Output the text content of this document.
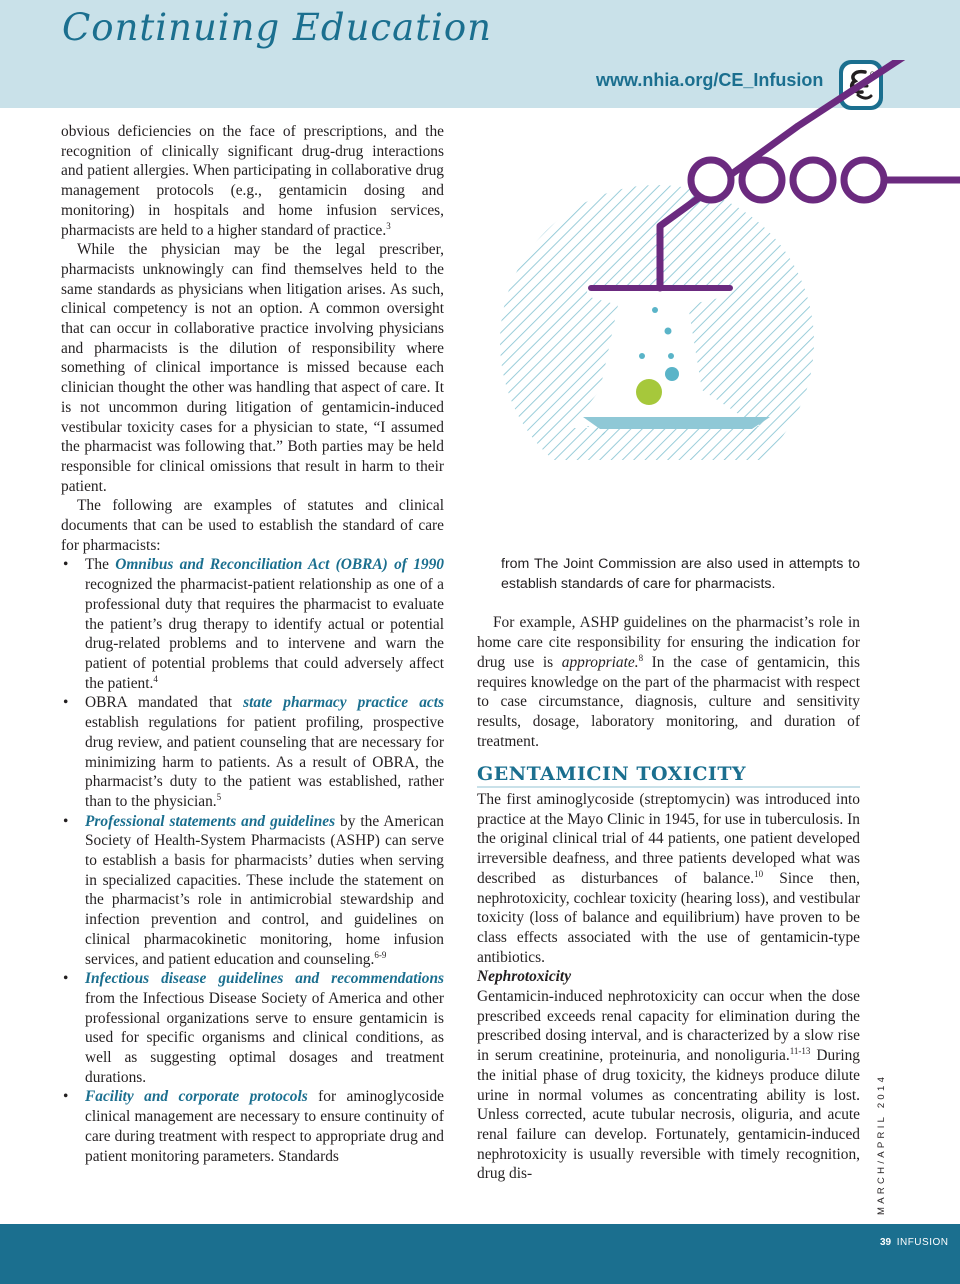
Continuing Education
www.nhia.org/CE_Infusion	CE

obvious deficiencies on the face of prescriptions, and the recognition of clinically significant drug-drug interactions and patient allergies. When participating in collaborative drug management protocols (e.g., gentamicin dosing and monitoring) in hospitals and home infusion services, pharmacists are held to a higher standard of practice.$^3$

While the physician may be the legal prescriber, pharmacists unknowingly can find themselves held to the same standards as physicians when litigation arises. As such, clinical competency is not an option. A common oversight that can occur in collaborative practice involving physicians and pharmacists is the dilution of responsibility where something of clinical importance is missed because each clinician thought the other was handling that aspect of care. It is not uncommon during litigation of gentamicin-induced vestibular toxicity cases for a physician to state, “I assumed the pharmacist was following that.” Both parties may be held responsible for clinical omissions that result in harm to their patient.

The following are examples of statutes and clinical documents that can be used to establish the standard of care for pharmacists:

• The Omnibus and Reconciliation Act (OBRA) of 1990 recognized the pharmacist-patient relationship as one of a professional duty that requires the pharmacist to evaluate the patient’s drug therapy to identify actual or potential drug-related problems and to intervene and warn the patient of potential problems that could adversely affect the patient.$^4$
• OBRA mandated that state pharmacy practice acts establish regulations for patient profiling, prospective drug review, and patient counseling that are necessary for minimizing harm to patients. As a result of OBRA, the pharmacist’s duty to the patient was established, rather than to the physician.$^5$
• Professional statements and guidelines by the American Society of Health-System Pharmacists (ASHP) can serve to establish a basis for pharmacists’ duties when serving in specialized capacities. These include the statement on the pharmacist’s role in antimicrobial stewardship and infection prevention and control, and guidelines on clinical pharmacokinetic monitoring, home infusion services, and patient education and counseling.$^{6-9}$
• Infectious disease guidelines and recommendations from the Infectious Disease Society of America and other professional organizations serve to ensure gentamicin is used for specific organisms and clinical conditions, as well as suggesting optimal dosages and treatment durations.
• Facility and corporate protocols for aminoglycoside clinical management are necessary to ensure continuity of care during treatment with respect to appropriate drug and patient monitoring parameters. Standards

from The Joint Commission are also used in attempts to establish standards of care for pharmacists.

For example, ASHP guidelines on the pharmacist’s role in home care cite responsibility for ensuring the indication for drug use is appropriate.$^8$ In the case of gentamicin, this requires knowledge on the part of the pharmacist with respect to case circumstance, diagnosis, culture and sensitivity results, dosage, laboratory monitoring, and duration of treatment.

GENTAMICIN TOXICITY

The first aminoglycoside (streptomycin) was introduced into practice at the Mayo Clinic in 1945, for use in tuberculosis. In the original clinical trial of 44 patients, one patient developed irreversible deafness, and three patients developed what was described as disturbances of balance.$^{10}$ Since then, nephrotoxicity, cochlear toxicity (hearing loss), and vestibular toxicity (loss of balance and equilibrium) have proven to be class effects associated with the use of gentamicin-type antibiotics.

Nephrotoxicity

Gentamicin-induced nephrotoxicity can occur when the dose prescribed exceeds renal capacity for elimination during the prescribed dosing interval, and is characterized by a slow rise in serum creatinine, proteinuria, and nonoliguria.$^{11-13}$ During the initial phase of drug toxicity, the kidneys produce dilute urine in normal volumes as concentrating ability is lost. Unless corrected, acute tubular necrosis, oliguria, and acute renal failure can develop. Fortunately, gentamicin-induced nephrotoxicity is usually reversible with timely recognition, drug dis-	MARCH/APRIL 2014
39 INFUSION
